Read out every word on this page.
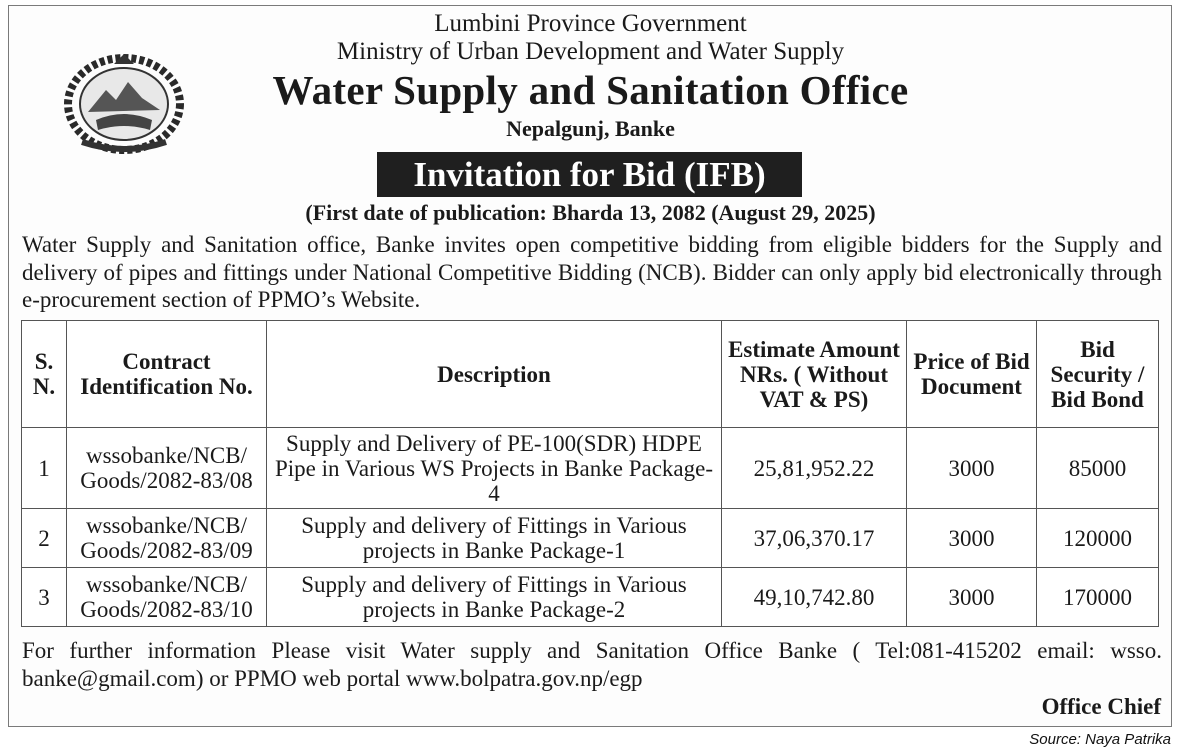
Lumbini Province Government
Ministry of Urban Development and Water Supply
Water Supply and Sanitation Office
Nepalgunj, Banke
Invitation for Bid (IFB)
(First date of publication: Bharda 13, 2082 (August 29, 2025)
Water Supply and Sanitation office, Banke invites open competitive bidding from eligible bidders for the Supply and delivery of pipes and fittings under National Competitive Bidding (NCB). Bidder can only apply bid electronically through e-procurement section of PPMO’s Website.
S. N.	Contract Identification No.	Description	Estimate Amount NRs. ( Without VAT & PS)	Price of Bid Document	Bid Security / Bid Bond
1	wssobanke/NCB/ Goods/2082-83/08	Supply and Delivery of PE-100(SDR) HDPE Pipe in Various WS Projects in Banke Package-4	25,81,952.22	3000	85000
2	wssobanke/NCB/ Goods/2082-83/09	Supply and delivery of Fittings in Various projects in Banke Package-1	37,06,370.17	3000	120000
3	wssobanke/NCB/ Goods/2082-83/10	Supply and delivery of Fittings in Various projects in Banke Package-2	49,10,742.80	3000	170000
For further information Please visit Water supply and Sanitation Office Banke ( Tel:081-415202 email: wsso. banke@gmail.com) or PPMO web portal www.bolpatra.gov.np/egp
Office Chief
Source: Naya Patrika
